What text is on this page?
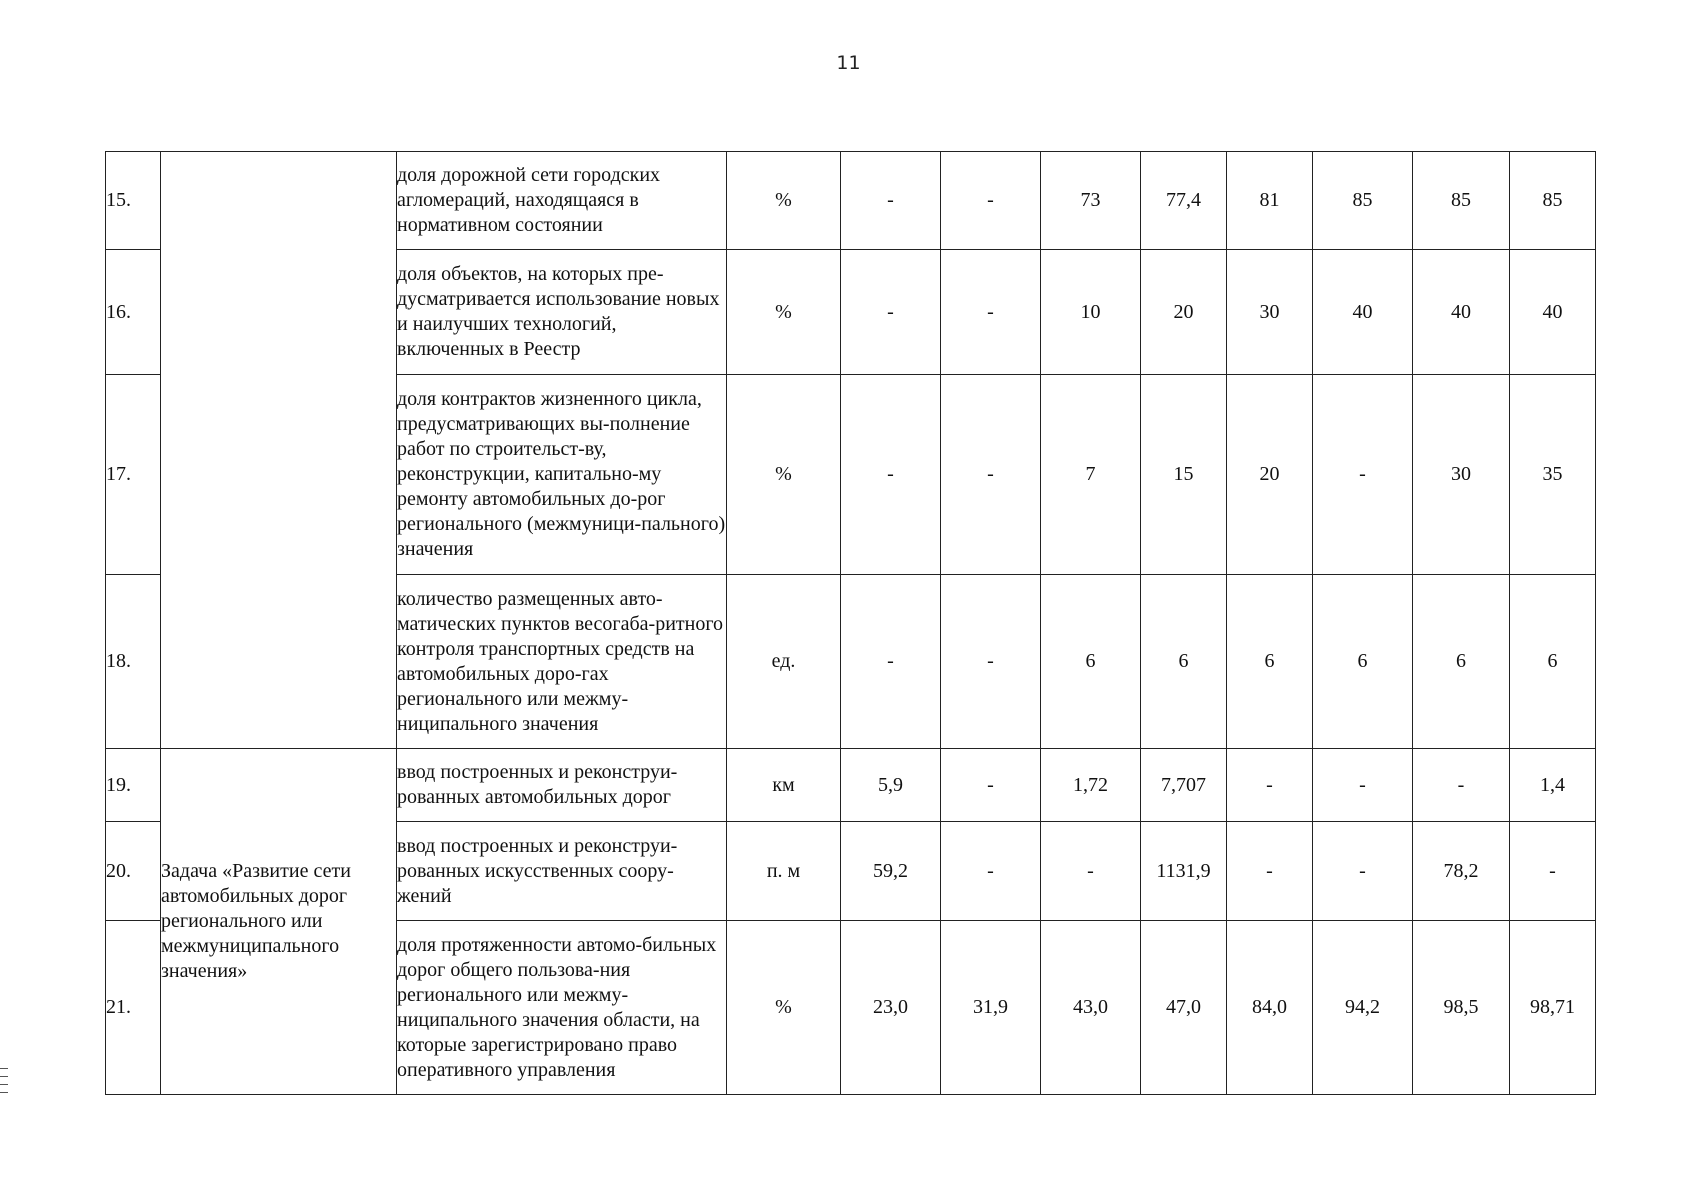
11
15.		доля дорожной сети городских агломераций, находящаяся в нормативном состоянии	%	-	-	73	77,4	81	85	85	85
16.		доля объектов, на которых пре-дусматривается использование новых и наилучших технологий, включенных в Реестр	%	-	-	10	20	30	40	40	40
17.		доля контрактов жизненного цикла, предусматривающих вы-полнение работ по строительст-ву, реконструкции, капитально-му ремонту автомобильных до-рог регионального (межмуници-пального) значения	%	-	-	7	15	20	-	30	35
18.		количество размещенных авто-матических пунктов весогаба-ритного контроля транспортных средств на автомобильных доро-гах регионального или межму-ниципального значения	ед.	-	-	6	6	6	6	6	6
19.	Задача «Развитие сети автомобильных дорог регионального или межмуниципального значения»	ввод построенных и реконструи-рованных автомобильных дорог	км	5,9	-	1,72	7,707	-	-	-	1,4
20.		ввод построенных и реконструи-рованных искусственных соору-жений	п. м	59,2	-	-	1131,9	-	-	78,2	-
21.		доля протяженности автомо-бильных дорог общего пользова-ния регионального или межму-ниципального значения области, на которые зарегистрировано право оперативного управления	%	23,0	31,9	43,0	47,0	84,0	94,2	98,5	98,71
